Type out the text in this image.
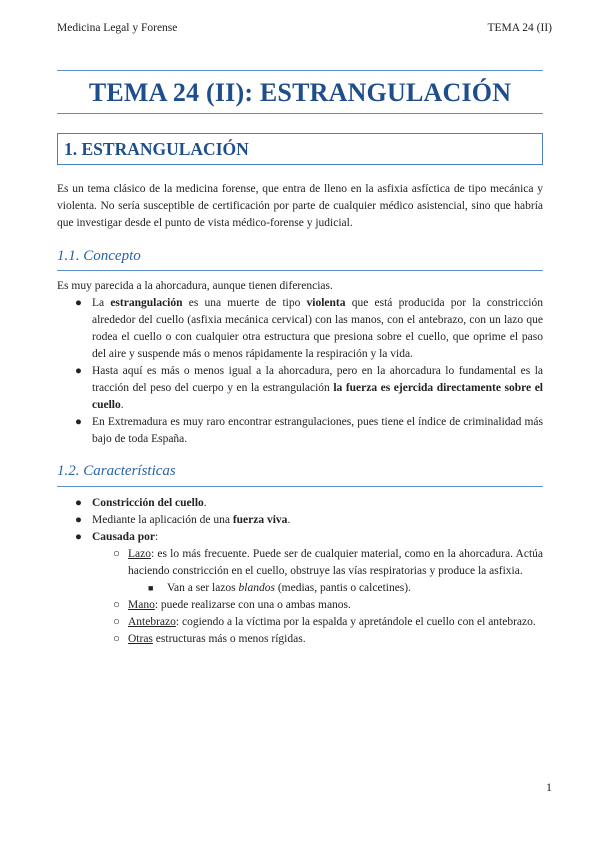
Medicina Legal y Forense	TEMA 24 (II)
TEMA 24 (II): ESTRANGULACIÓN
1. ESTRANGULACIÓN
Es un tema clásico de la medicina forense, que entra de lleno en la asfixia asfíctica de tipo mecánica y violenta. No sería susceptible de certificación por parte de cualquier médico asistencial, sino que habría que investigar desde el punto de vista médico-forense y judicial.
1.1. Concepto
Es muy parecida a la ahorcadura, aunque tienen diferencias.
● La estrangulación es una muerte de tipo violenta que está producida por la constricción alrededor del cuello (asfixia mecánica cervical) con las manos, con el antebrazo, con un lazo que rodea el cuello o con cualquier otra estructura que presiona sobre el cuello, que oprime el paso del aire y suspende más o menos rápidamente la respiración y la vida.
● Hasta aquí es más o menos igual a la ahorcadura, pero en la ahorcadura lo fundamental es la tracción del peso del cuerpo y en la estrangulación la fuerza es ejercida directamente sobre el cuello.
● En Extremadura es muy raro encontrar estrangulaciones, pues tiene el índice de criminalidad más bajo de toda España.
1.2. Características
● Constricción del cuello.
● Mediante la aplicación de una fuerza viva.
● Causada por:
○ Lazo: es lo más frecuente. Puede ser de cualquier material, como en la ahorcadura. Actúa haciendo constricción en el cuello, obstruye las vías respiratorias y produce la asfixia.
■ Van a ser lazos blandos (medias, pantis o calcetines).
○ Mano: puede realizarse con una o ambas manos.
○ Antebrazo: cogiendo a la víctima por la espalda y apretándole el cuello con el antebrazo.
○ Otras estructuras más o menos rígidas.
1
